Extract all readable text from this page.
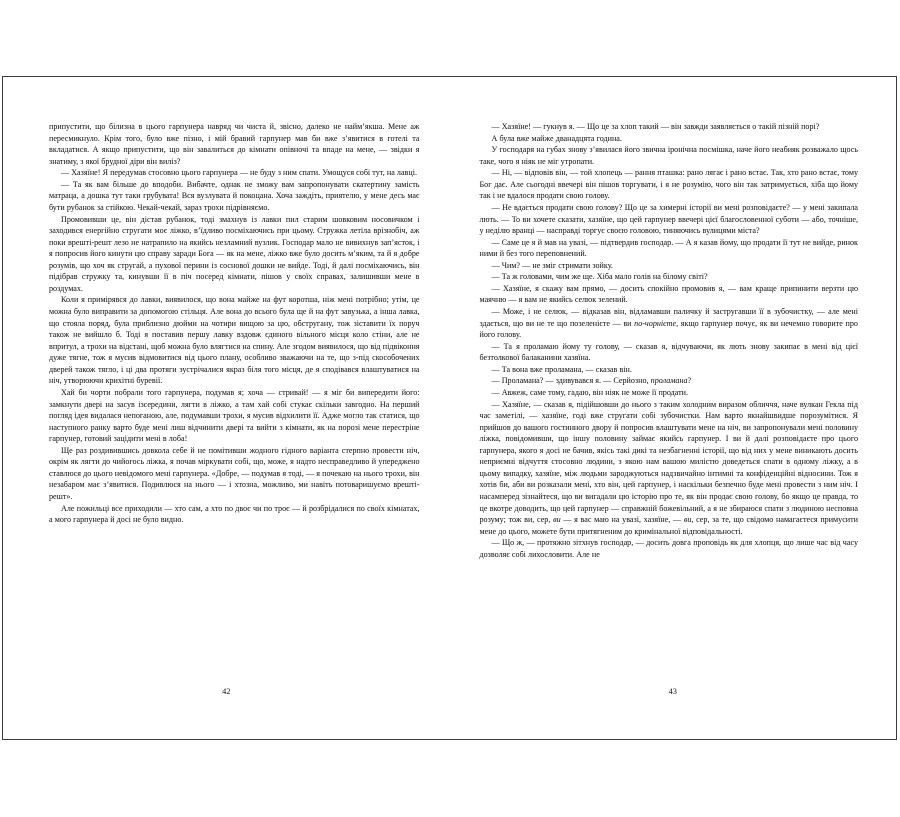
припустити, що білизна в цього гарпунера навряд чи чиста й, звісно, далеко не наймʼякша. Мене аж пересмикнуло. Крім того, було вже пізно, і мій бравий гарпунер мав би вже зʼявитися в готелі та вкладатися. А якщо припустити, що він завалиться до кімнати опівночі та впаде на мене, — звідки я знатиму, з якої брудної діри він виліз?

— Хазяїне! Я передумав стосовно цього гарпунера — не буду з ним спати. Умощуся собі тут, на лавці.

— Та як вам більше до вподоби. Вибачте, однак не зможу вам запропонувати скатертину замість матраца, а дошка тут таки грубувата! Вся вузлувата й покоцана. Хоча заждіть, приятелю, у мене десь має бути рубанок за стійкою. Чекай-чекай, зараз трохи підрівняємо.

Промовивши це, він дістав рубанок, тоді змахнув із лавки пил старим шовковим носовичком і заходився енергійно стругати моє ліжко, вʼїдливо посміхаючись при цьому. Стружка летіла врізнобіч, аж поки врешті-решт лезо не натрапило на якийсь незламний вузлик. Господар мало не вивихнув запʼясток, і я попросив його кинути цю справу заради Бога — як на мене, ліжко вже було досить мʼяким, та й я добре розумів, що хоч як стругай, а пухової перини із соснової дошки не вийде. Тоді, й далі посміхаючись, він підібрав стружку та, кинувши її в піч посеред кімнати, пішов у своїх справах, залишивши мене в роздумах.

Коли я примірявся до лавки, виявилося, що вона майже на фут коротша, ніж мені потрібно; утім, це можна було виправити за допомогою стільця. Але вона до всього була ще й на фут завузька, а інша лавка, що стояла поряд, була приблизно дюйми на чотири вищою за цю, обструганy, тож зіставити їх поруч також не вийшло б. Тоді я поставив першу лавку вздовж єдиного вільного місця коло стіни, але не впритул, а трохи на відстані, щоб можна було влягтися на спину. Але згодом виявилося, що від підвіконня дуже тягне, тож я мусив відмовитися від цього плану, особливо зважаючи на те, що з-під скособочених дверей також тягло, і ці два протяги зустрічалися якраз біля того місця, де я сподівався влаштуватися на ніч, утворюючи крихітні буревії.

Хай би чорти побрали того гарпунера, подумав я; хоча — стривай! — я міг би випередити його: замкнути двері на засув ізсередини, лягти в ліжко, а там хай собі стукає скільки завгодно. На перший погляд ідея видалася непоганою, але, подумавши трохи, я мусив відхилити її. Адже могло так статися, що наступного ранку варто буде мені лиш відчинити двері та вийти з кімнати, як на порозі мене перестріне гарпунер, готовий зацідити мені в лоба!

Ще раз роздивившись довкола себе й не помітивши жодного гідного варіанта стерпно провести ніч, окрім як лягти до чийогось ліжка, я почав міркувати собі, що, може, я надто несправедливо й упереджено ставлюся до цього невідомого мені гарпунера. «Добре, — подумав я тоді, — я почекаю на нього трохи, він незабаром має зʼявитися. Подивлюся на нього — і хтозна, можливо, ми навіть потоваришуємо врешті-решт».

Але пожильці все приходили — хто сам, а хто по двоє чи по троє — й розбрідалися по своїх кімнатах, а мого гарпунера й досі не було видно.

42

— Хазяїне! — гукнув я. — Що це за хлоп такий — він завжди заявляється о такій пізній порі?

А була вже майже дванадцята година.

У господаря на губах знову зʼявилася його звична іронічна посмішка, наче його неабияк розважало щось таке, чого я ніяк не міг утропати.

— Ні, — відповів він, — той хлопець — рання пташка: рано лягає і рано встає. Так, хто рано встає, тому Бог дає. Але сьогодні ввечері він пішов торгувати, і я не розумію, чого він так затримується, хіба що йому так і не вдалося продати свою голову.

— Не вдається продати свою голову? Що це за химерні історії ви мені розповідаєте? — у мені закипала лють. — То ви хочете сказати, хазяїне, що цей гарпунер ввечері цієї благословенної суботи — або, точніше, у неділю вранці — насправді торгує своєю головою, тиняючись вулицями міста?

— Саме це я й мав на увазі, — підтвердив господар. — А я казав йому, що продати її тут не вийде, ринок ними й без того переповнений.

— Чим? — не зміг стримати зойку.

— Та ж головами, чим же ще. Хіба мало голів на білому світі?

— Хазяїне, я скажу вам прямо, — досить спокійно промовив я, — вам краще припинити верзти цю маячню — я вам не якийсь селюк зелений.

— Може, і не селюк, — відказав він, відламавши паличку й застругавши її в зубочистку, — але мені здається, що ви не те що позеленієте — ви по-чорнієте, якщо гарпунер почує, як ви нечемно говорите про його голову.

— Та я проламаю йому ту голову, — сказав я, відчуваючи, як лють знову закипає в мені від цієї безтолкової балаканини хазяїна.

— Та вона вже проламана, — сказав він.

— Проламана? — здивувався я. — Серйозно, проламана?

— Авжеж, саме тому, гадаю, він ніяк не може її продати.

— Хазяїне, — сказав я, підійшовши до нього з таким холодним виразом обличчя, наче вулкан Гекла під час заметілі, — хазяїне, годі вже стругати собі зубочистки. Нам варто якнайшвидше порозумітися. Я прийшов до вашого гостинного двору й попросив влаштувати мене на ніч, ви запропонували мені половину ліжка, повідомивши, що іншу половину займає якийсь гарпунер. І ви й далі розповідаєте про цього гарпунера, якого я досі не бачив, якісь такі дикі та незбагненні історії, що від них у мене виникають досить неприємні відчуття стосовно людини, з якою нам вашою милістю доведеться спати в одному ліжку, а в цьому випадку, хазяїне, між людьми зароджуються надзвичайно інтимні та конфіденційні відносини. Тож я хотів би, аби ви розказали мені, хто він, цей гарпунер, і наскільки безпечно буде мені провести з ним ніч. І насамперед зізнайтеся, що ви вигадали цю історію про те, як він продає свою голову, бо якщо це правда, то це вкотре доводить, що цей гарпунер — справжній божевільний, а я не збираюся спати з людиною несповна розуму; тож ви, сер, ви — я вас маю на увазі, хазяїне, — ви, сер, за те, що свідомо намагаєтеся примусити мене до цього, можете бути притягненим до кримінальної відповідальності.

— Що ж, — протяжно зітхнув господар, — досить довга проповідь як для хлопця, що лише час від часу дозволяє собі лихословити. Але не

43
